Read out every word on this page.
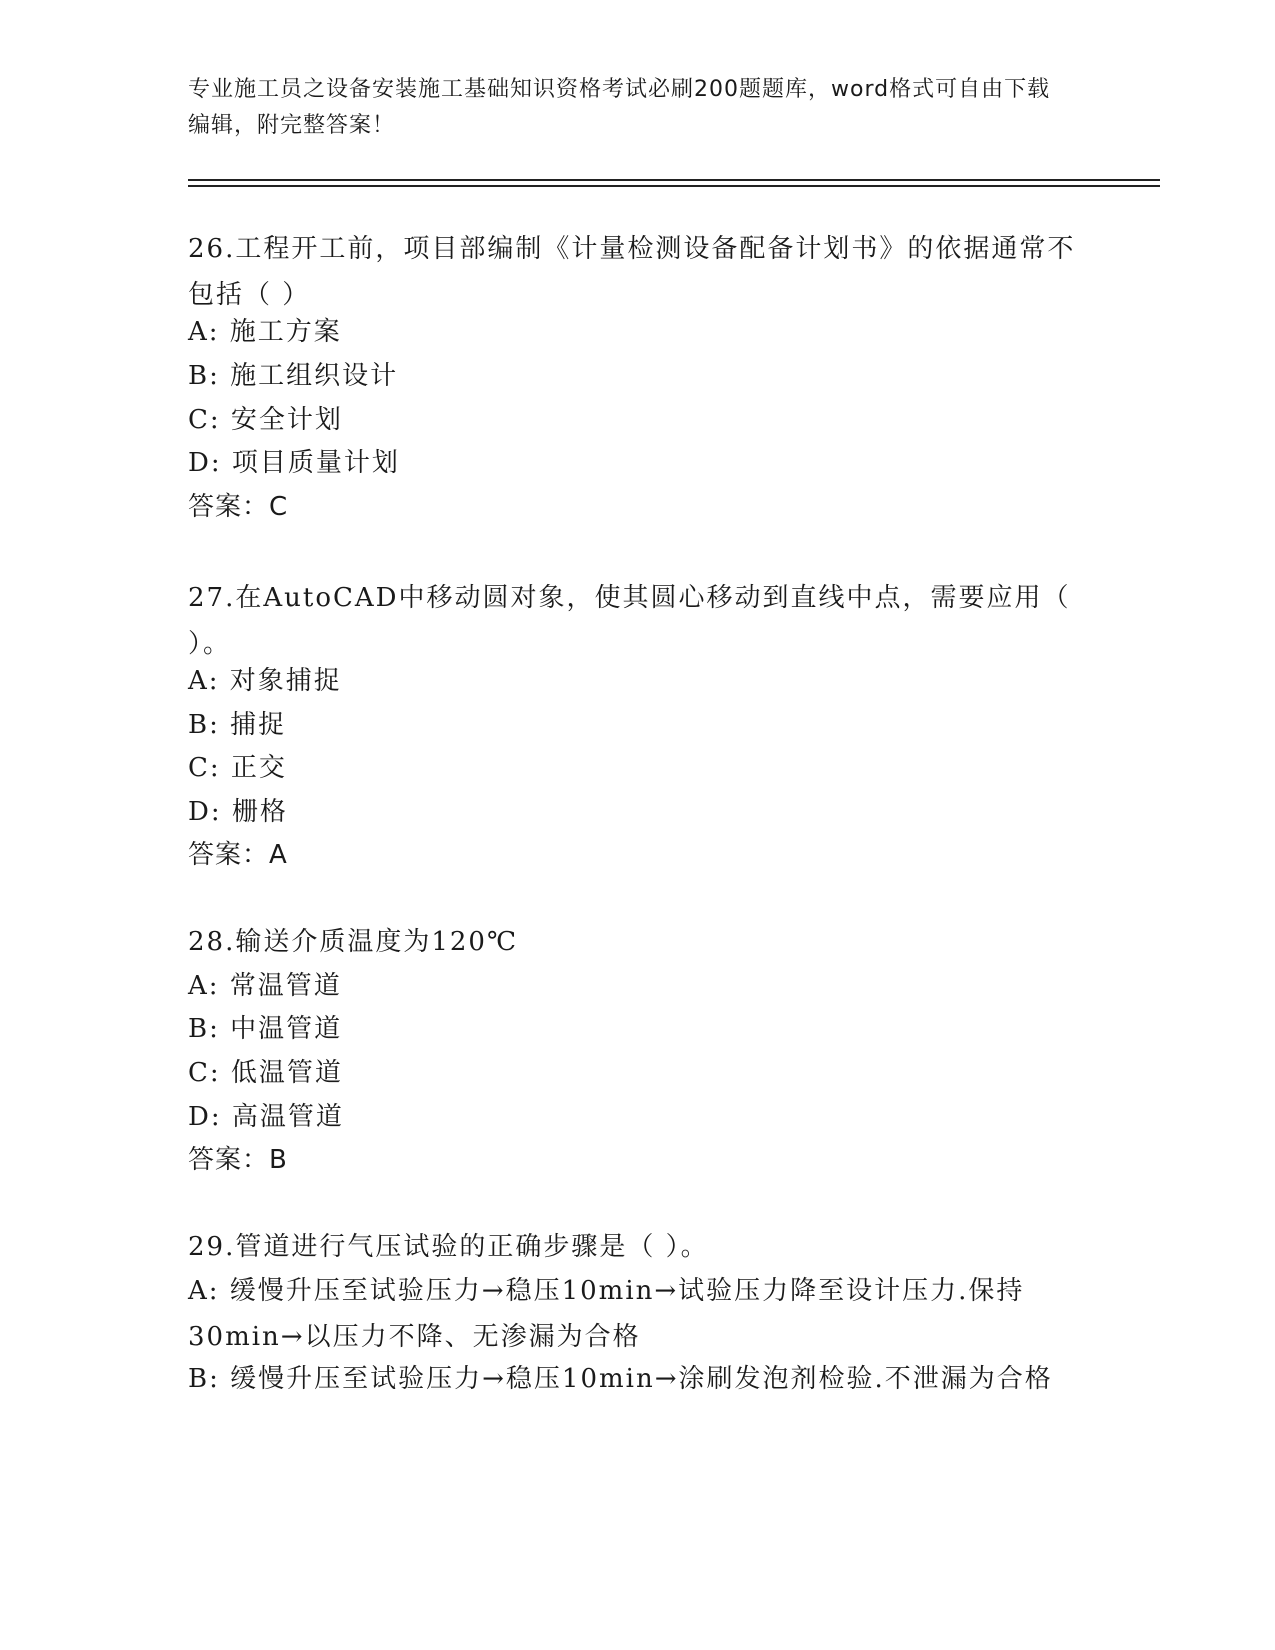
专业施工员之设备安装施工基础知识资格考试必刷200题题库，word格式可自由下载编辑，附完整答案！
26.工程开工前，项目部编制《计量检测设备配备计划书》的依据通常不包括（ ）
A: 施工方案
B: 施工组织设计
C: 安全计划
D: 项目质量计划
答案：C
27.在AutoCAD中移动圆对象，使其圆心移动到直线中点，需要应用（ ）。
A: 对象捕捉
B: 捕捉
C: 正交
D: 栅格
答案：A
28.输送介质温度为120℃
A: 常温管道
B: 中温管道
C: 低温管道
D: 高温管道
答案：B
29.管道进行气压试验的正确步骤是（ ）。
A: 缓慢升压至试验压力→稳压10min→试验压力降至设计压力.保持30min→以压力不降、无渗漏为合格
B: 缓慢升压至试验压力→稳压10min→涂刷发泡剂检验.不泄漏为合格
